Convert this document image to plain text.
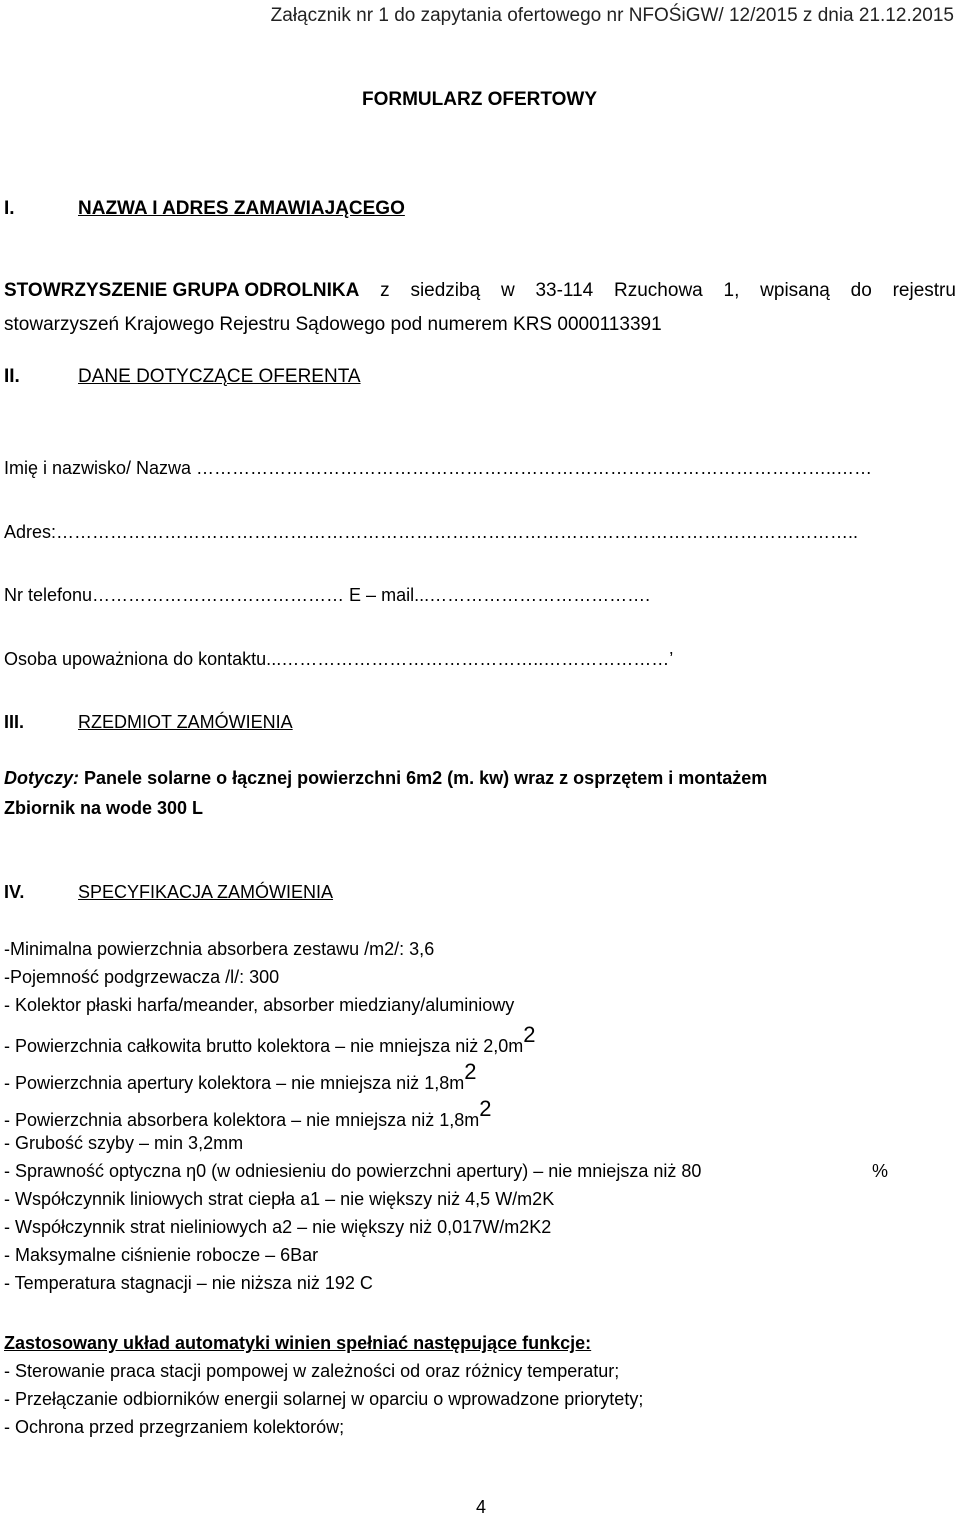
Załącznik nr 1 do zapytania ofertowego nr NFOŚiGW/ 12/2015 z dnia 21.12.2015
FORMULARZ OFERTOWY
I.	NAZWA I ADRES ZAMAWIAJĄCEGO
STOWRZYSZENIE GRUPA ODROLNIKA z siedzibą w 33-114 Rzuchowa 1, wpisaną do rejestru
stowarzyszeń Krajowego Rejestru Sądowego pod numerem KRS 0000113391
II.	DANE DOTYCZĄCE OFERENTA
Imię i nazwisko/ Nazwa ……………………………………………………………………………………………..……
Adres:……………………………………………………………………………………………………………………..
Nr telefonu…………………………………… E – mail...……………………………….
Osoba upoważniona do kontaktu...……………………………………..…………………’
III.	RZEDMIOT ZAMÓWIENIA
Dotyczy: Panele solarne o łącznej powierzchni 6m2 (m. kw) wraz z osprzętem i montażem
Zbiornik na wode 300 L
IV.	SPECYFIKACJA ZAMÓWIENIA
-Minimalna powierzchnia absorbera zestawu /m2/: 3,6
-Pojemność podgrzewacza /l/: 300
- Kolektor płaski harfa/meander, absorber miedziany/aluminiowy
- Powierzchnia całkowita brutto kolektora – nie mniejsza niż 2,0m2
- Powierzchnia apertury kolektora – nie mniejsza niż 1,8m2
- Powierzchnia absorbera kolektora – nie mniejsza niż 1,8m2
- Grubość szyby – min 3,2mm
- Sprawność optyczna η0 (w odniesieniu do powierzchni apertury) – nie mniejsza niż 80	%
- Współczynnik liniowych strat ciepła a1 – nie większy niż 4,5 W/m2K
- Współczynnik strat nieliniowych a2 – nie większy niż 0,017W/m2K2
- Maksymalne ciśnienie robocze – 6Bar
- Temperatura stagnacji – nie niższa niż 192 C
Zastosowany układ automatyki winien spełniać następujące funkcje:
- Sterowanie praca stacji pompowej w zależności od oraz różnicy temperatur;
- Przełączanie odbiorników energii solarnej w oparciu o wprowadzone priorytety;
- Ochrona przed przegrzaniem kolektorów;
4
